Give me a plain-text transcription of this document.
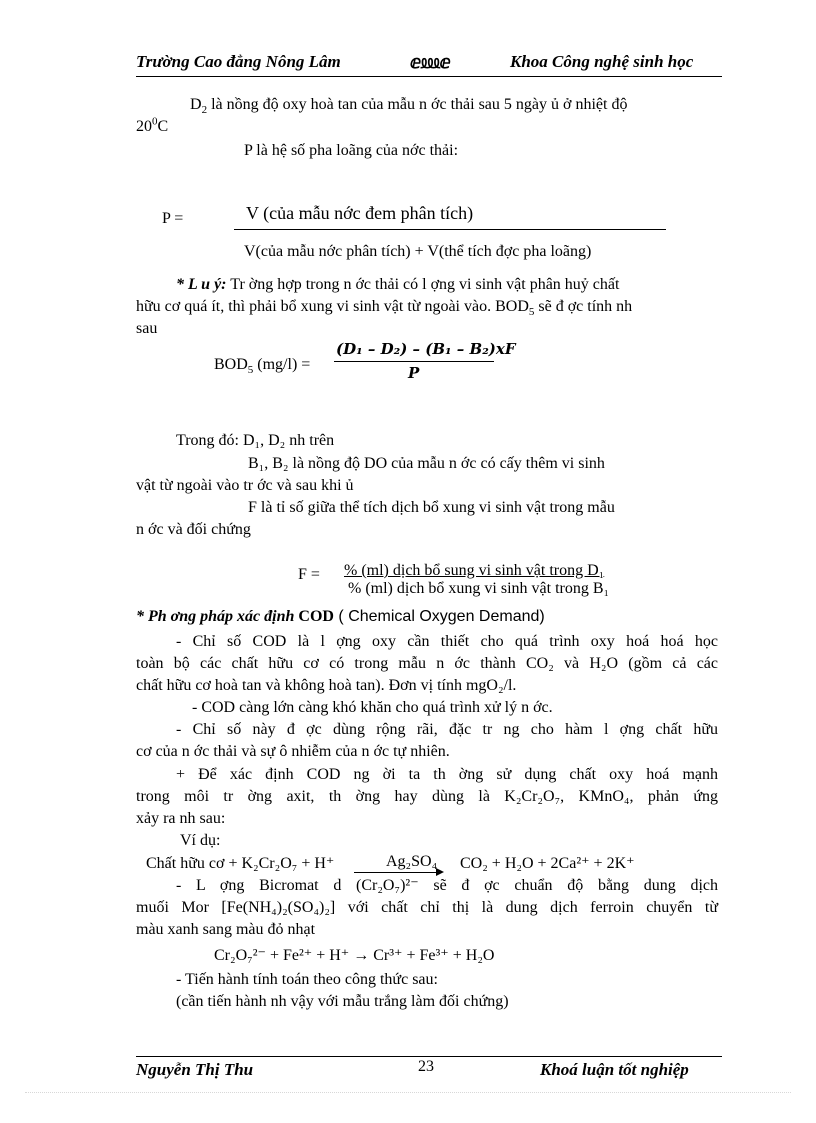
Trường Cao đẳng Nông Lâm	ⅇ⅏ⅇ	Khoa Công nghệ sinh học
$D_2$ là nồng độ oxy hoà tan của mẫu n ớc thải sau 5 ngày ủ ở nhiệt độ
$20^0C$
P là hệ số pha loãng của nớc thải:
P =	V (của mẫu nớc đem phân tích)
V(của mẫu nớc phân tích) + V(thể tích đợc pha loãng)
* L u ý: Tr ờng hợp trong n ớc thải có l ợng vi sinh vật phân huỷ chất
hữu cơ quá ít, thì phải bổ xung vi sinh vật từ ngoài vào. $BOD_5$ sẽ đ ợc tính nh
sau
$BOD_5$ (mg/l) =
(D₁ – D₂) – (B₁ – B₂)xF
P
Trong đó: D₁, D₂ nh trên
B₁, B₂ là nồng độ DO của mẫu n ớc có cấy thêm vi sinh
vật từ ngoài vào tr ớc và sau khi ủ
F là tỉ số giữa thể tích dịch bổ xung vi sinh vật trong mẫu
n ớc và đối chứng
F = % (ml) dịch bổ sung vi sinh vật trong D₁
% (ml) dịch bổ xung vi sinh vật trong B₁
* Ph ơng pháp xác định COD ( Chemical Oxygen Demand)
- Chỉ số COD là l ợng oxy cần thiết cho quá trình oxy hoá hoá học
toàn bộ các chất hữu cơ có trong mẫu n ớc thành CO₂ và H₂O (gồm cả các
chất hữu cơ hoà tan và không hoà tan). Đơn vị tính mgO₂/l.
- COD càng lớn càng khó khăn cho quá trình xử lý n ớc.
- Chỉ số này đ ợc dùng rộng rãi, đặc tr ng cho hàm l ợng chất hữu
cơ của n ớc thải và sự ô nhiễm của n ớc tự nhiên.
+ Để xác định COD ng ời ta th ờng sử dụng chất oxy hoá mạnh
trong môi tr ờng axit, th ờng hay dùng là K₂Cr₂O₇, KMnO₄, phản ứng
xảy ra nh sau:
Ví dụ:
Chất hữu cơ + K₂Cr₂O₇ + H⁺	Ag₂SO₄ CO₂ + H₂O + 2Ca²⁺ + 2K⁺
- L ợng Bicromat d (Cr₂O₇)²⁻ sẽ đ ợc chuẩn độ bằng dung dịch
muối Mor [Fe(NH₄)₂(SO₄)₂] với chất chỉ thị là dung dịch ferroin chuyển từ
màu xanh sang màu đỏ nhạt
Cr₂O₇²⁻ + Fe²⁺ + H⁺ → Cr³⁺ + Fe³⁺ + H₂O
- Tiến hành tính toán theo công thức sau:
(cần tiến hành nh vậy với mẫu trắng làm đối chứng)
Nguyễn Thị Thu	23	Khoá luận tốt nghiệp
